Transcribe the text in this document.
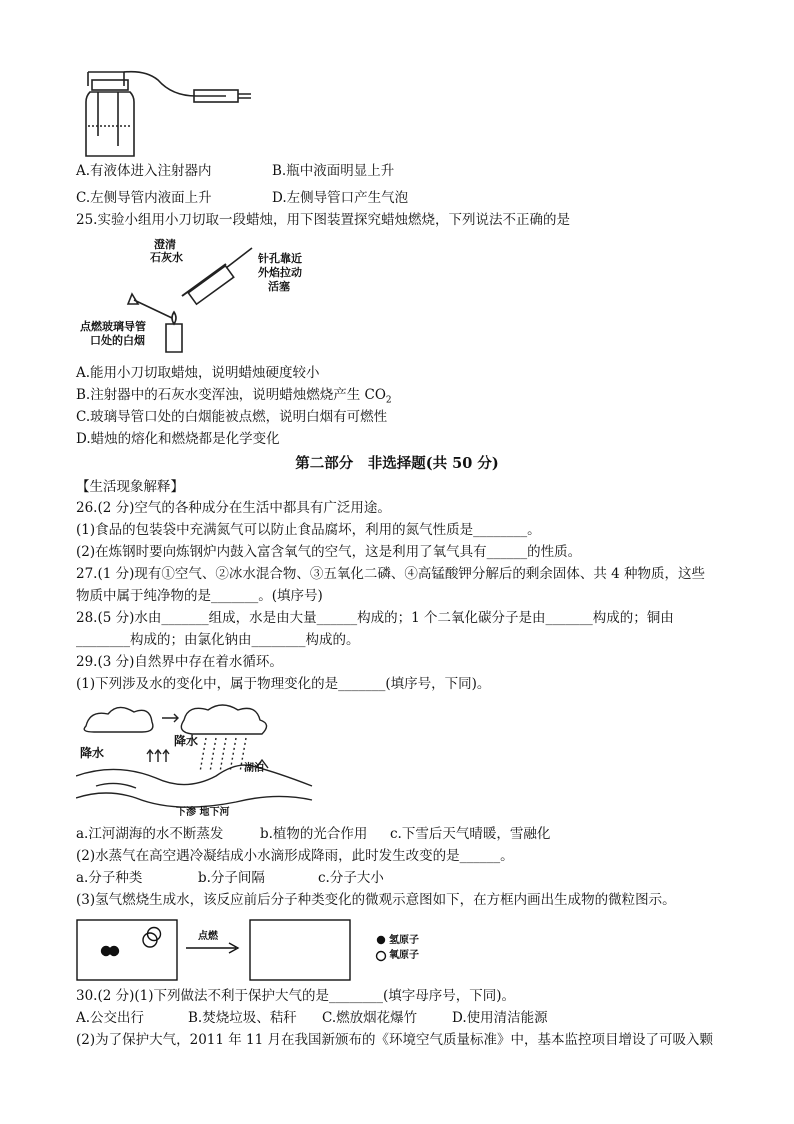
A.有液体进入注射器内	B.瓶中液面明显上升
C.左侧导管内液面上升	D.左侧导管口产生气泡
25.实验小组用小刀切取一段蜡烛，用下图装置探究蜡烛燃烧，下列说法不正确的是
澄清
石灰水	针孔靠近
外焰拉动
活塞
点燃玻璃导管
口处的白烟
A.能用小刀切取蜡烛，说明蜡烛硬度较小
B.注射器中的石灰水变浑浊，说明蜡烛燃烧产生 $CO_2$
C.玻璃导管口处的白烟能被点燃，说明白烟有可燃性
D.蜡烛的熔化和燃烧都是化学变化
第二部分　非选择题(共 50 分)
【生活现象解释】
26.(2 分)空气的各种成分在生活中都具有广泛用途。
(1)食品的包装袋中充满氮气可以防止食品腐坏，利用的氮气性质是________。
(2)在炼钢时要向炼钢炉内鼓入富含氧气的空气，这是利用了氧气具有______的性质。
27.(1 分)现有①空气、②冰水混合物、③五氧化二磷、④高锰酸钾分解后的剩余固体、共 4 种物质，这些
物质中属于纯净物的是_______。(填序号)
28.(5 分)水由_______组成，水是由大量______构成的；1 个二氧化碳分子是由_______构成的；铜由
________构成的；由氯化钠由________构成的。
29.(3 分)自然界中存在着水循环。
(1)下列涉及水的变化中，属于物理变化的是_______(填序号，下同)。
降水
降水
湖泊
下渗 地下河
a.江河湖海的水不断蒸发	b.植物的光合作用 c.下雪后天气晴暖，雪融化
(2)水蒸气在高空遇冷凝结成小水滴形成降雨，此时发生改变的是______。
a.分子种类	b.分子间隔	c.分子大小
(3)氢气燃烧生成水，该反应前后分子种类变化的微观示意图如下，在方框内画出生成物的微粒图示。
点燃	氢原子
氧原子
30.(2 分)(1)下列做法不利于保护大气的是________(填字母序号，下同)。
A.公交出行	B.焚烧垃圾、秸秆 C.燃放烟花爆竹	D.使用清洁能源
(2)为了保护大气，2011 年 11 月在我国新颁布的《环境空气质量标准》中，基本监控项目增设了可吸入颗
